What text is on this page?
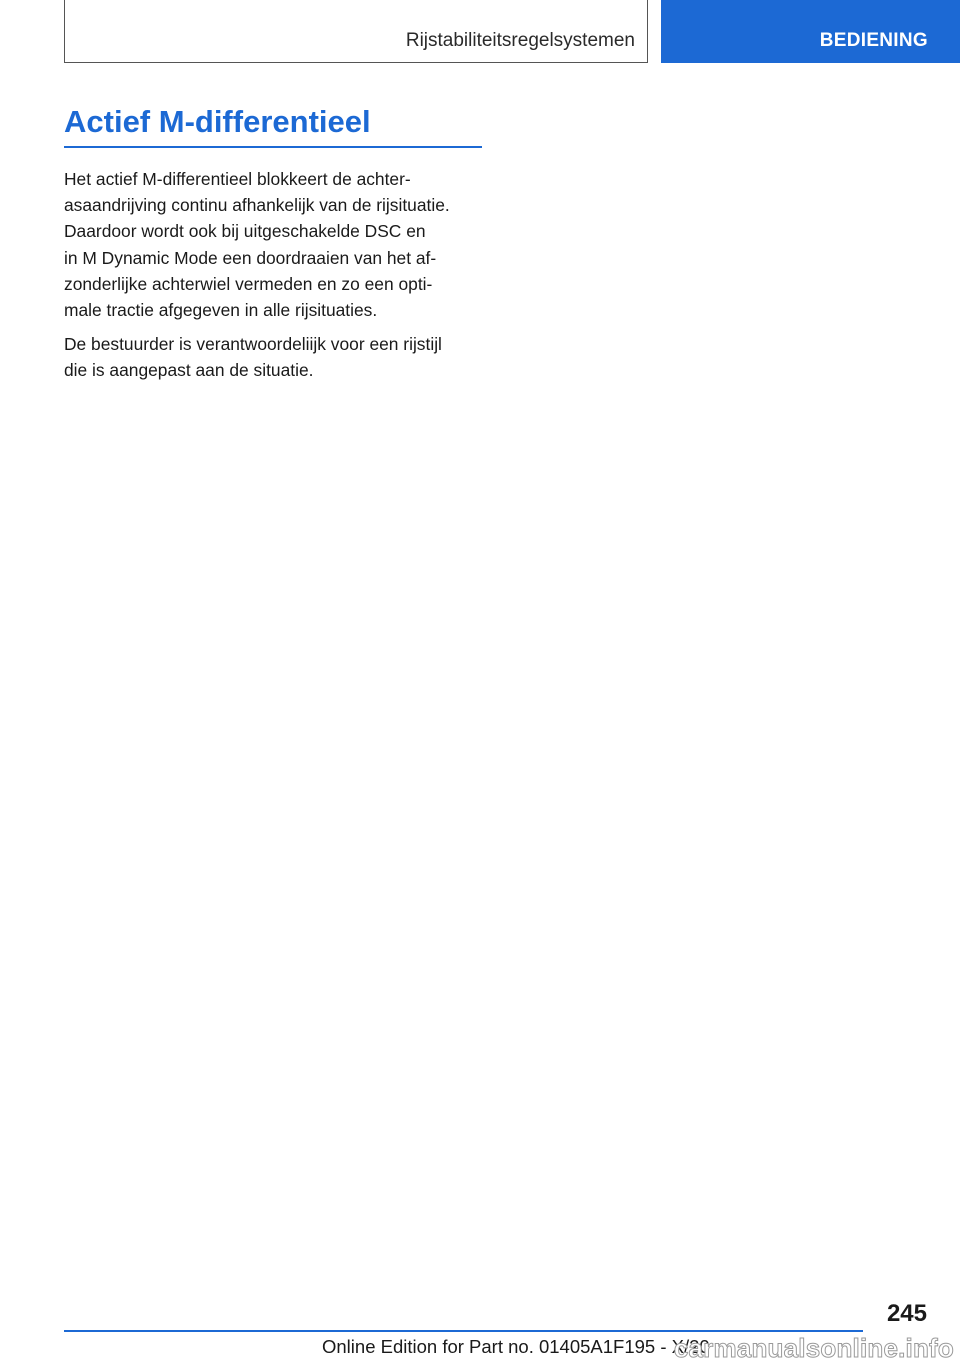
Rijstabiliteitsregelsystemen	BEDIENING
Actief M-differentieel

Het actief M-differentieel blokkeert de achter-
asaandrijving continu afhankelijk van de rijsituatie.
Daardoor wordt ook bij uitgeschakelde DSC en
in M Dynamic Mode een doordraaien van het af-
zonderlijke achterwiel vermeden en zo een opti-
male tractie afgegeven in alle rijsituaties.

De bestuurder is verantwoordeliijk voor een rijstijl
die is aangepast aan de situatie.

245
Online Edition for Part no. 01405A1F195 - X/20
carmanualsonline.info
